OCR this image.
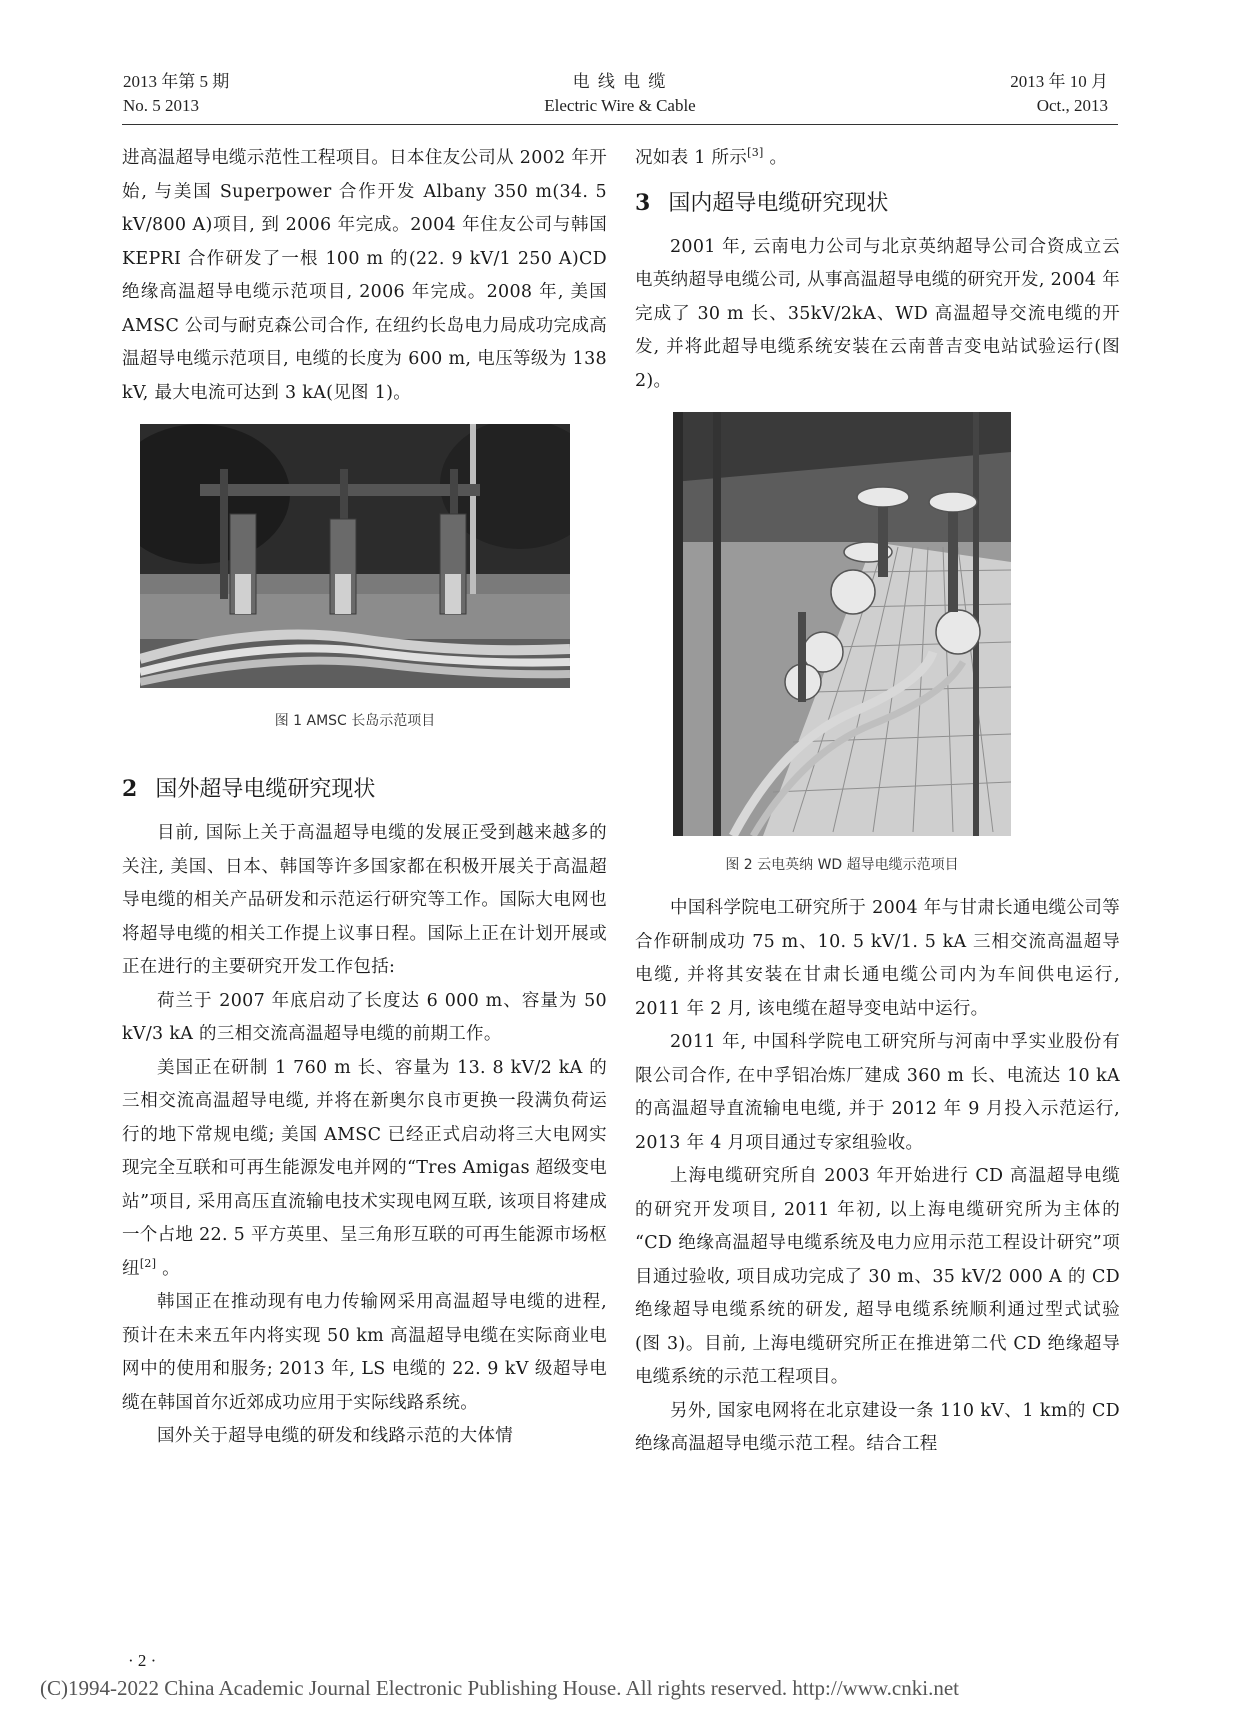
2013 年第 5 期
No. 5 2013
电 线 电 缆
Electric Wire & Cable
2013 年 10 月
Oct., 2013

进高温超导电缆示范性工程项目。日本住友公司从 2002 年开始, 与美国 Superpower 合作开发 Albany 350 m(34. 5 kV/800 A)项目, 到 2006 年完成。2004 年住友公司与韩国 KEPRI 合作研发了一根 100 m 的(22. 9 kV/1 250 A)CD 绝缘高温超导电缆示范项目, 2006 年完成。2008 年, 美国 AMSC 公司与耐克森公司合作, 在纽约长岛电力局成功完成高温超导电缆示范项目, 电缆的长度为 600 m, 电压等级为 138 kV, 最大电流可达到 3 kA(见图 1)。

图 1 AMSC 长岛示范项目

2 国外超导电缆研究现状

目前, 国际上关于高温超导电缆的发展正受到越来越多的关注, 美国、日本、韩国等许多国家都在积极开展关于高温超导电缆的相关产品研发和示范运行研究等工作。国际大电网也将超导电缆的相关工作提上议事日程。国际上正在计划开展或正在进行的主要研究开发工作包括:

荷兰于 2007 年底启动了长度达 6 000 m、容量为 50 kV/3 kA 的三相交流高温超导电缆的前期工作。

美国正在研制 1 760 m 长、容量为 13. 8 kV/2 kA 的三相交流高温超导电缆, 并将在新奥尔良市更换一段满负荷运行的地下常规电缆; 美国 AMSC 已经正式启动将三大电网实现完全互联和可再生能源发电并网的“Tres Amigas 超级变电站”项目, 采用高压直流输电技术实现电网互联, 该项目将建成一个占地 22. 5 平方英里、呈三角形互联的可再生能源市场枢纽[2] 。

韩国正在推动现有电力传输网采用高温超导电缆的进程, 预计在未来五年内将实现 50 km 高温超导电缆在实际商业电网中的使用和服务; 2013 年, LS 电缆的 22. 9 kV 级超导电缆在韩国首尔近郊成功应用于实际线路系统。

国外关于超导电缆的研发和线路示范的大体情

况如表 1 所示[3] 。

3 国内超导电缆研究现状

2001 年, 云南电力公司与北京英纳超导公司合资成立云电英纳超导电缆公司, 从事高温超导电缆的研究开发, 2004 年完成了 30 m 长、35kV/2kA、WD 高温超导交流电缆的开发, 并将此超导电缆系统安装在云南普吉变电站试验运行(图 2)。

图 2 云电英纳 WD 超导电缆示范项目

中国科学院电工研究所于 2004 年与甘肃长通电缆公司等合作研制成功 75 m、10. 5 kV/1. 5 kA 三相交流高温超导电缆, 并将其安装在甘肃长通电缆公司内为车间供电运行, 2011 年 2 月, 该电缆在超导变电站中运行。

2011 年, 中国科学院电工研究所与河南中孚实业股份有限公司合作, 在中孚铝冶炼厂建成 360 m 长、电流达 10 kA 的高温超导直流输电电缆, 并于 2012 年 9 月投入示范运行, 2013 年 4 月项目通过专家组验收。

上海电缆研究所自 2003 年开始进行 CD 高温超导电缆的研究开发项目, 2011 年初, 以上海电缆研究所为主体的 “CD 绝缘高温超导电缆系统及电力应用示范工程设计研究”项目通过验收, 项目成功完成了 30 m、35 kV/2 000 A 的 CD 绝缘超导电缆系统的研发, 超导电缆系统顺利通过型式试验 (图 3)。目前, 上海电缆研究所正在推进第二代 CD 绝缘超导电缆系统的示范工程项目。

另外, 国家电网将在北京建设一条 110 kV、1 km的 CD 绝缘高温超导电缆示范工程。结合工程

· 2 ·
(C)1994-2022 China Academic Journal Electronic Publishing House. All rights reserved. http://www.cnki.net
